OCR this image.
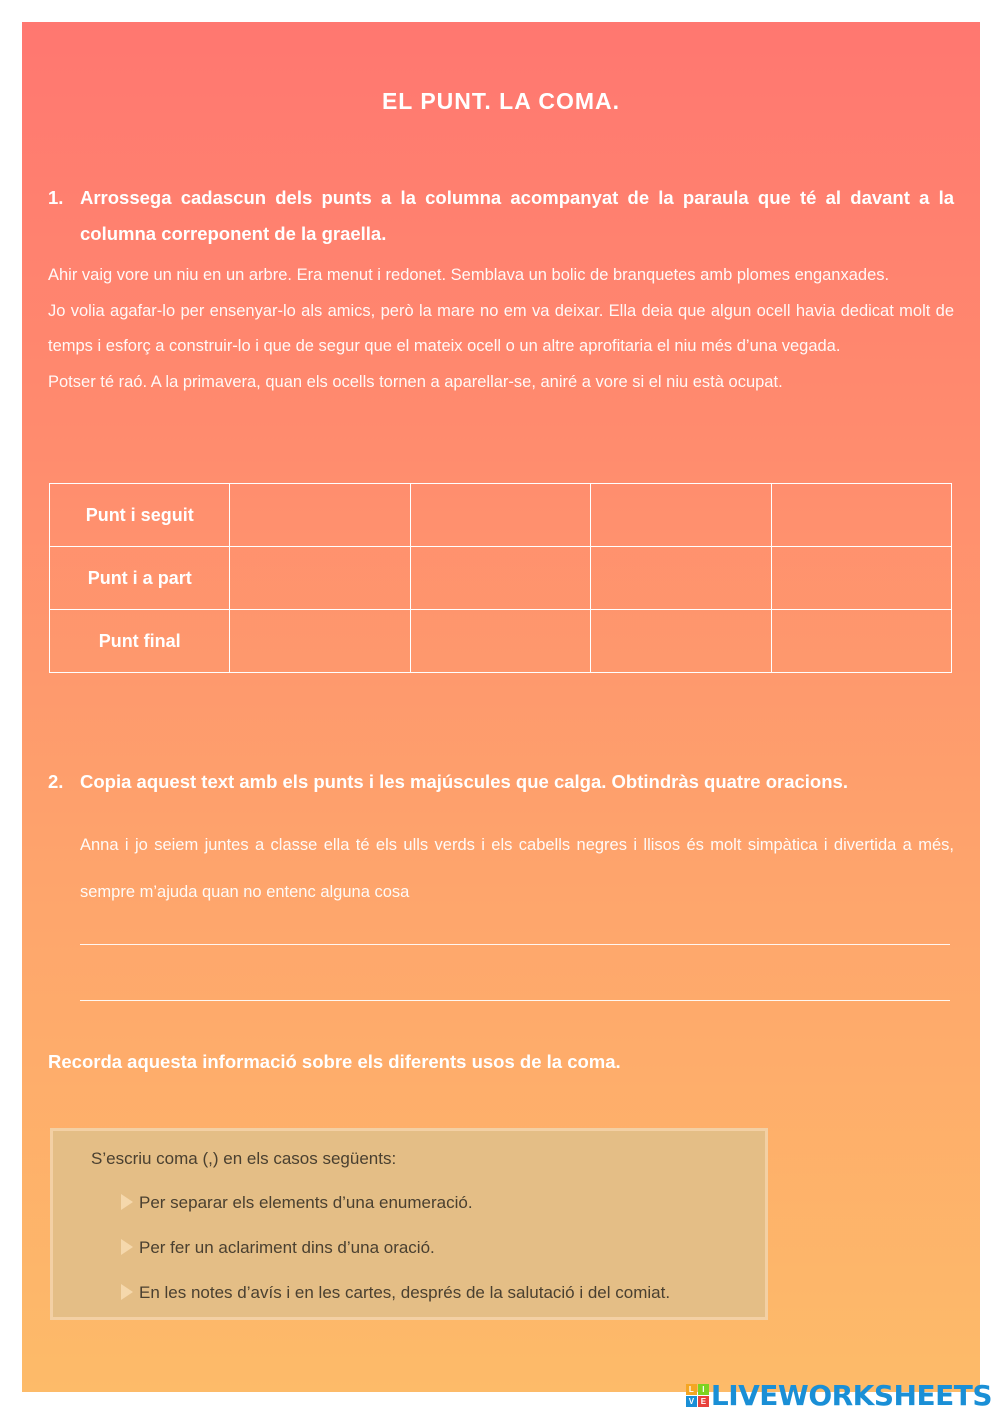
EL PUNT. LA COMA.
1. Arrossega cadascun dels punts a la columna acompanyat de la paraula que té al davant a la columna correponent de la graella.

Ahir vaig vore un niu en un arbre. Era menut i redonet. Semblava un bolic de branquetes amb plomes enganxades.

Jo volia agafar-lo per ensenyar-lo als amics, però la mare no em va deixar. Ella deia que algun ocell havia dedicat molt de temps i esforç a construir-lo i que de segur que el mateix ocell o un altre aprofitaria el niu més d’una vegada.

Potser té raó. A la primavera, quan els ocells tornen a aparellar-se, aniré a vore si el niu està ocupat.

Punt i seguit				
Punt i a part				
Punt final				
2. Copia aquest text amb els punts i les majúscules que calga. Obtindràs quatre oracions.
Anna i jo seiem juntes a classe ella té els ulls verds i els cabells negres i llisos és molt simpàtica i divertida a més, sempre m’ajuda quan no entenc alguna cosa
Recorda aquesta informació sobre els diferents usos de la coma.
S’escriu coma (,) en els casos següents:
Per separar els elements d’una enumeració.
Per fer un aclariment dins d’una oració.
En les notes d’avís i en les cartes, després de la salutació i del comiat.
L	I
V E LIVEWORKSHEETS
